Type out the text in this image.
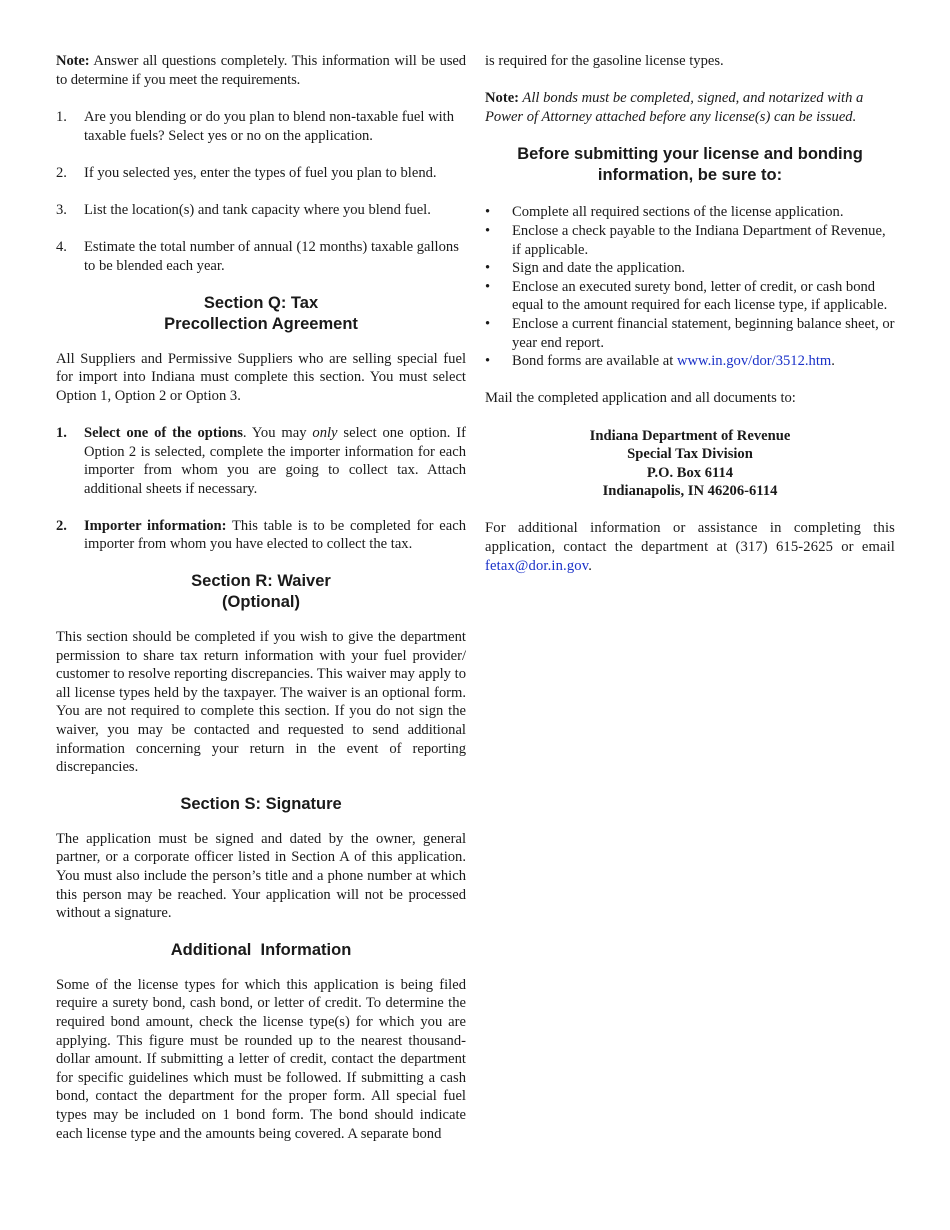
Note: Answer all questions completely. This information will be used to determine if you meet the requirements.

1.	Are you blending or do you plan to blend non-taxable fuel with taxable fuels? Select yes or no on the application.
2.	If you selected yes, enter the types of fuel you plan to blend.
3.	List the location(s) and tank capacity where you blend fuel.
4.	Estimate the total number of annual (12 months) taxable gallons to be blended each year.
Section Q: Tax
Precollection Agreement

All Suppliers and Permissive Suppliers who are selling special fuel for import into Indiana must complete this section. You must select Option 1, Option 2 or Option 3.

1.	Select one of the options. You may only select one option. If Option 2 is selected, complete the importer information for each importer from whom you are going to collect tax. Attach additional sheets if necessary.
2.	Importer information: This table is to be completed for each importer from whom you have elected to collect the tax.
Section R: Waiver
(Optional)

This section should be completed if you wish to give the department permission to share tax return information with your fuel provider/ customer to resolve reporting discrepancies. This waiver may apply to all license types held by the taxpayer. The waiver is an optional form. You are not required to complete this section. If you do not sign the waiver, you may be contacted and requested to send additional information concerning your return in the event of reporting discrepancies.

Section S: Signature

The application must be signed and dated by the owner, general partner, or a corporate officer listed in Section A of this application. You must also include the person’s title and a phone number at which this person may be reached. Your application will not be processed without a signature.

Additional  Information

Some of the license types for which this application is being filed require a surety bond, cash bond, or letter of credit. To determine the required bond amount, check the license type(s) for which you are applying. This figure must be rounded up to the nearest thousand-dollar amount. If submitting a letter of credit, contact the department for specific guidelines which must be followed. If submitting a cash bond, contact the department for the proper form. All special fuel types may be included on 1 bond form. The bond should indicate each license type and the amounts being covered. A separate bond

is required for the gasoline license types.

Note: All bonds must be completed, signed, and notarized with a Power of Attorney attached before any license(s) can be issued.

Before submitting your license and bonding
information, be sure to:
•	Complete all required sections of the license application.
•	Enclose a check payable to the Indiana Department of Revenue, if applicable.
•	Sign and date the application.
•	Enclose an executed surety bond, letter of credit, or cash bond equal to the amount required for each license type, if applicable.
•	Enclose a current financial statement, beginning balance sheet, or year end report.
•	Bond forms are available at www.in.gov/dor/3512.htm.

Mail the completed application and all documents to:

Indiana Department of Revenue
Special Tax Division
P.O. Box 6114
Indianapolis, IN 46206-6114

For additional information or assistance in completing this application, contact the department at (317) 615-2625 or email fetax@dor.in.gov.
